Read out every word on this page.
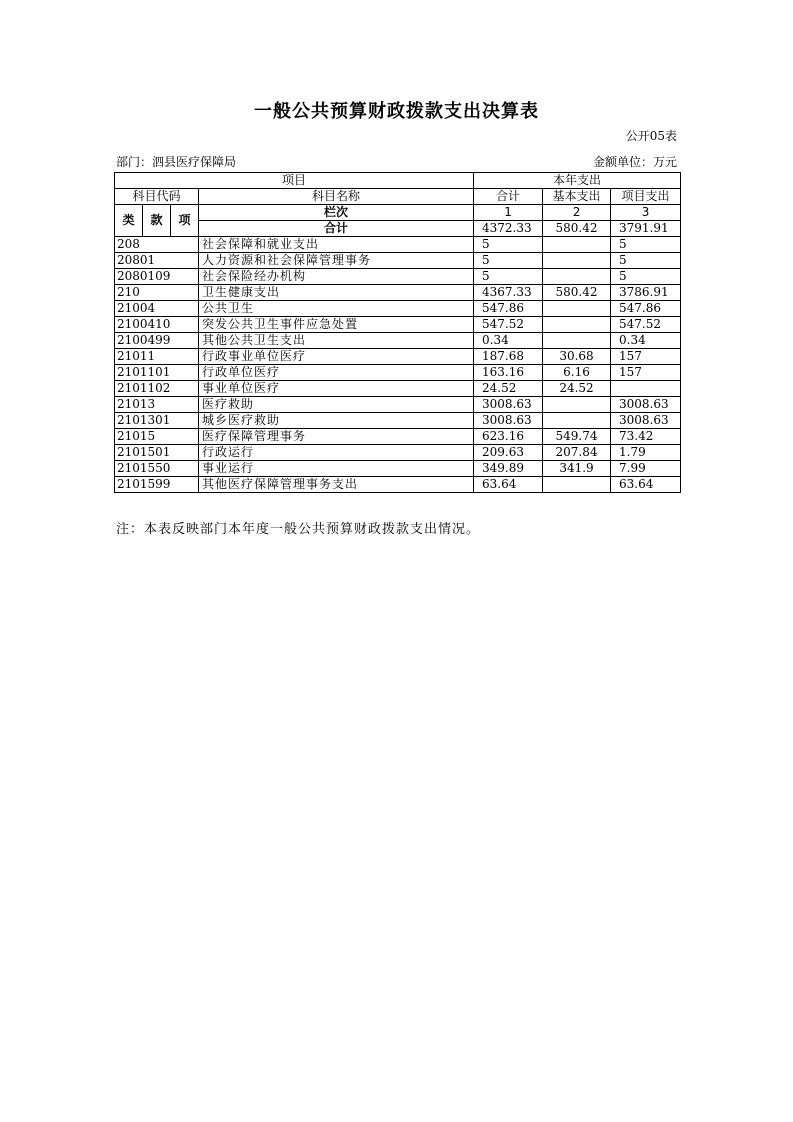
一般公共预算财政拨款支出决算表
公开05表
部门：泗县医疗保障局	金额单位：万元
项目				本年支出		
科目代码			科目名称	合计	基本支出	项目支出
类	款	项	栏次	1	2	3
			合计	4372.33	580.42	3791.91
208			社会保障和就业支出	5		5
20801			人力资源和社会保障管理事务	5		5
2080109			社会保险经办机构	5		5
210			卫生健康支出	4367.33	580.42	3786.91
21004			公共卫生	547.86		547.86
2100410			突发公共卫生事件应急处置	547.52		547.52
2100499			其他公共卫生支出	0.34		0.34
21011			行政事业单位医疗	187.68	30.68	157
2101101			行政单位医疗	163.16	6.16	157
2101102			事业单位医疗	24.52	24.52	
21013			医疗救助	3008.63		3008.63
2101301			城乡医疗救助	3008.63		3008.63
21015			医疗保障管理事务	623.16	549.74	73.42
2101501			行政运行	209.63	207.84	1.79
2101550			事业运行	349.89	341.9	7.99
2101599			其他医疗保障管理事务支出	63.64		63.64
注：本表反映部门本年度一般公共预算财政拨款支出情况。
